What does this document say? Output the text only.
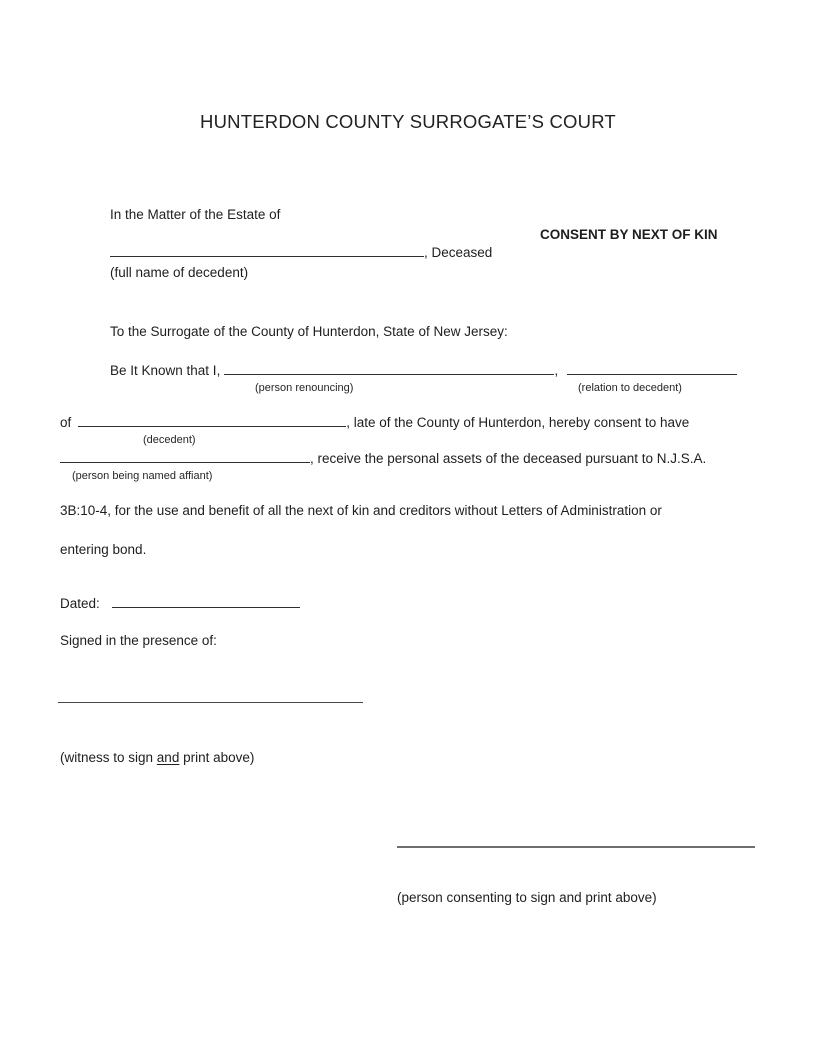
HUNTERDON COUNTY SURROGATE’S COURT
In the Matter of the Estate of
CONSENT BY NEXT OF KIN
, Deceased
(full name of decedent)
To the Surrogate of the County of Hunterdon, State of New Jersey:
Be It Known that I,	,
(person renouncing)	(relation to decedent)
of	, late of the County of Hunterdon, hereby consent to have
(decedent)
, receive the personal assets of the deceased pursuant to N.J.S.A.
(person being named affiant)
3B:10-4, for the use and benefit of all the next of kin and creditors without Letters of Administration or
entering bond.
Dated:
Signed in the presence of:
(witness to sign and print above)
(person consenting to sign and print above)
